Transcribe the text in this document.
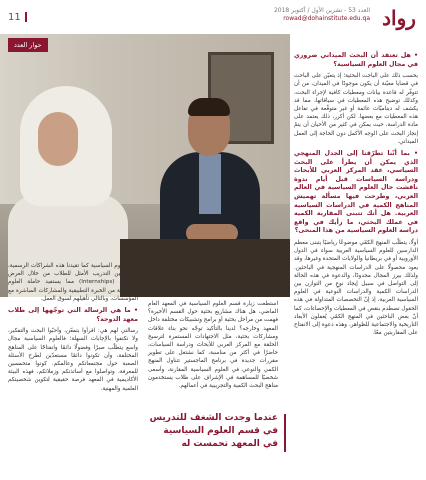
رواد
العدد 53 - تشرين الأول / أكتوبر 2018
rowad@dohainstitute.edu.qa
11
حوار العدد

• هل تعتقد أن البحث الميداني ضروري في مجال العلوم السياسية؟

بحسب ذلك على الباحث البحثية؛ إذ يتعيّن على الباحث في قضايا معيّنة أن يكون موجودًا في الميدان، من أن تتوفّر له قاعدة بيانات ومعطيات كافية لإجراء البحث، وكذلك توضيح هذه المعطيات في سياقاتها، مما قد يكشف له ديناميّات عائمة أو غير متوقّعة في تفاعل هذه المعطيات مع بعضها. لكن أكرر، ذلك يعتمد على مادة الدراسة، حيث يمكن في كثير من الأحيان أن يتمّ إنجاز البحث على الوجه الأكمل دون الحاجة إلى العمل الميداني.

• بما أنّنا تطرّقنا إلى الجدل المنهجي الذي يمكن أن يطرأ على البحث السياسي، عقد المركز العربي للأبحاث ودراسة السياسات قبل أيام ندوة ناقشت حال العلوم السياسية في العالم العربي، وطرحت فيها مسألة تهميش المناهج الكمية في الدراسات السياسية العربية. هل أنك تتبنى المقاربة الكمية في عملك البحثي، ما رأيك في واقع دراسة العلوم السياسية من هذا المنحى؟

أولًا، يتطلّب المنهج الكمّي موضوعًا رياضيًا يتبنى معظم الدارسين للعلوم السياسية العربية سواء في الدول الأوروبية أو في بريطانيا والولايات المتحدة وغيرها، وقد يعود محصولًا على الدراسات المنهجية في الباحثين. ولذلك بيرز المجال محدودًا، والدعوة في هذه الحالة إلى التواصل في سبيل إيجاد نوعٍ من التوازن بين الدراسات الكمية والدراسات النوعية في العلوم السياسية العربية، إذ إنّ التخصصات المتداولة في هذه الحقول تصطدم بنقص في المعطيات والإحصاءات، كما أنّ بعض الباحثين في المنهج الكمّي يُغفلون الأبعاد التاريخية والاجتماعية للظواهر، وهذه دعوة إلى الانفتاح على المقاربتين معًا.

استطعت زيارة قسم العلوم السياسية في المعهد العام الماضي، هل هناك مشاريع بحثية حول القسم الأخيرة؟ فهمت من مراحل بحثية أو برامج وتشبيكات مختلفة داخل المعهد وخارجه؟ لدينا بالتأكيد توجّه نحو بناء علاقات ومشاركات بحثية، مثل الاجتهادات المستمرة لترسيخ الحلقة مع المركز العربي للأبحاث ودراسة السياسات، حاضرًا في أكثر من مناسبة، كما نشتغل على تطوير مقررات جديدة في برنامج الماجستير تتناول المنهج الكمي والنوعي في العلوم السياسية المقارنة، وأسعى شخصيًا للمساهمة في الإشراف على طلاب يستخدمون مناهج البحث الكمية والتجريبية في أعمالهم.

عندما وجدت الشغف للتدريس في قسم العلوم السياسية في المعهد تحمست له

في العلوم السياسية كما تقيدنا هذه الشراكات الرسمية، في تأمين التدريب الأمثل للطلاب من خلال العرض التدريبي (Internships) مما يستفيد حاملة العلوم السياسية من الخبرة التطبيقية والمشاركات المباشرة مع المؤسسات، وبالتالي تأهيلهم لسوق العمل.

• ما هي الرسالة التي توجّهها إلى طلاب معهد الدوحة؟

رسالتي لهم هي: اقرأوا بتمعّن، وأحبّوا البحث والتفكير، ولا تكتفوا بالإجابات السهلة؛ فالعلوم السياسية مجال واسع يتطلّب صبرًا وفضولًا دائمًا وانفتاحًا على المناهج المختلفة، وأن تكونوا دائمًا مستعدّين لطرح الأسئلة الصعبة حول مجتمعاتكم وعالمكم. كونوا متحمسين للمعرفة، وتواصلوا مع أساتذتكم وزملائكم، فهذه البيئة الأكاديمية في المعهد فرصة حقيقية لتكوين شخصيتكم العلمية والمهنية.
